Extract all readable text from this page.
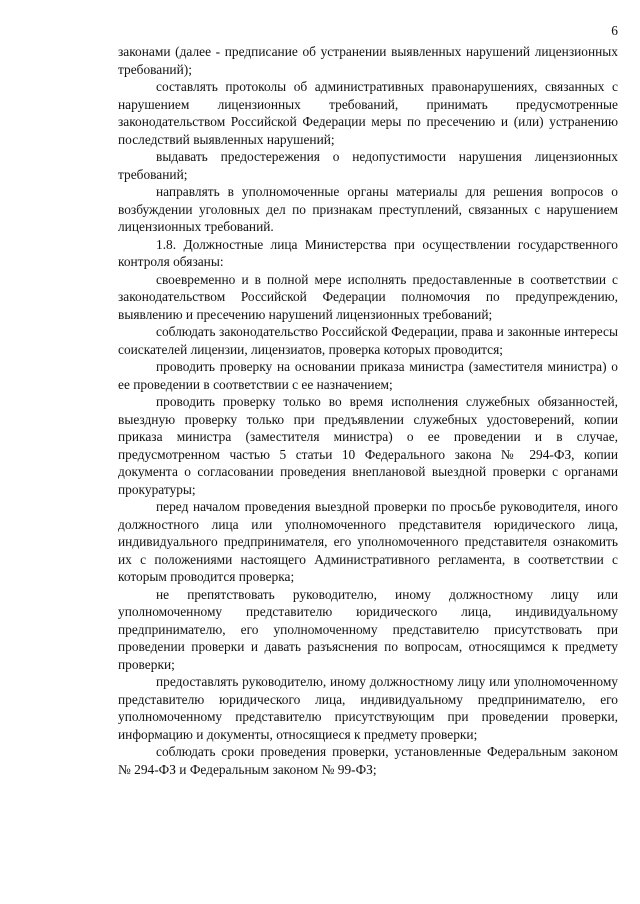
6

законами (далее - предписание об устранении выявленных нарушений лицензионных требований);

составлять протоколы об административных правонарушениях, связанных с нарушением лицензионных требований, принимать предусмотренные законодательством Российской Федерации меры по пресечению и (или) устранению последствий выявленных нарушений;

выдавать предостережения о недопустимости нарушения лицензионных требований;

направлять в уполномоченные органы материалы для решения вопросов о возбуждении уголовных дел по признакам преступлений, связанных с нарушением лицензионных требований.

1.8. Должностные лица Министерства при осуществлении государственного контроля обязаны:

своевременно и в полной мере исполнять предоставленные в соответствии с законодательством Российской Федерации полномочия по предупреждению, выявлению и пресечению нарушений лицензионных требований;

соблюдать законодательство Российской Федерации, права и законные интересы соискателей лицензии, лицензиатов, проверка которых проводится;

проводить проверку на основании приказа министра (заместителя министра) о ее проведении в соответствии с ее назначением;

проводить проверку только во время исполнения служебных обязанностей, выездную проверку только при предъявлении служебных удостоверений, копии приказа министра (заместителя министра) о ее проведении и в случае, предусмотренном частью 5 статьи 10 Федерального закона № 294-ФЗ, копии документа о согласовании проведения внеплановой выездной проверки с органами прокуратуры;

перед началом проведения выездной проверки по просьбе руководителя, иного должностного лица или уполномоченного представителя юридического лица, индивидуального предпринимателя, его уполномоченного представителя ознакомить их с положениями настоящего Административного регламента, в соответствии с которым проводится проверка;

не препятствовать руководителю, иному должностному лицу или уполномоченному представителю юридического лица, индивидуальному предпринимателю, его уполномоченному представителю присутствовать при проведении проверки и давать разъяснения по вопросам, относящимся к предмету проверки;

предоставлять руководителю, иному должностному лицу или уполномоченному представителю юридического лица, индивидуальному предпринимателю, его уполномоченному представителю присутствующим при проведении проверки, информацию и документы, относящиеся к предмету проверки;

соблюдать сроки проведения проверки, установленные Федеральным законом № 294-ФЗ и Федеральным законом № 99-ФЗ;
